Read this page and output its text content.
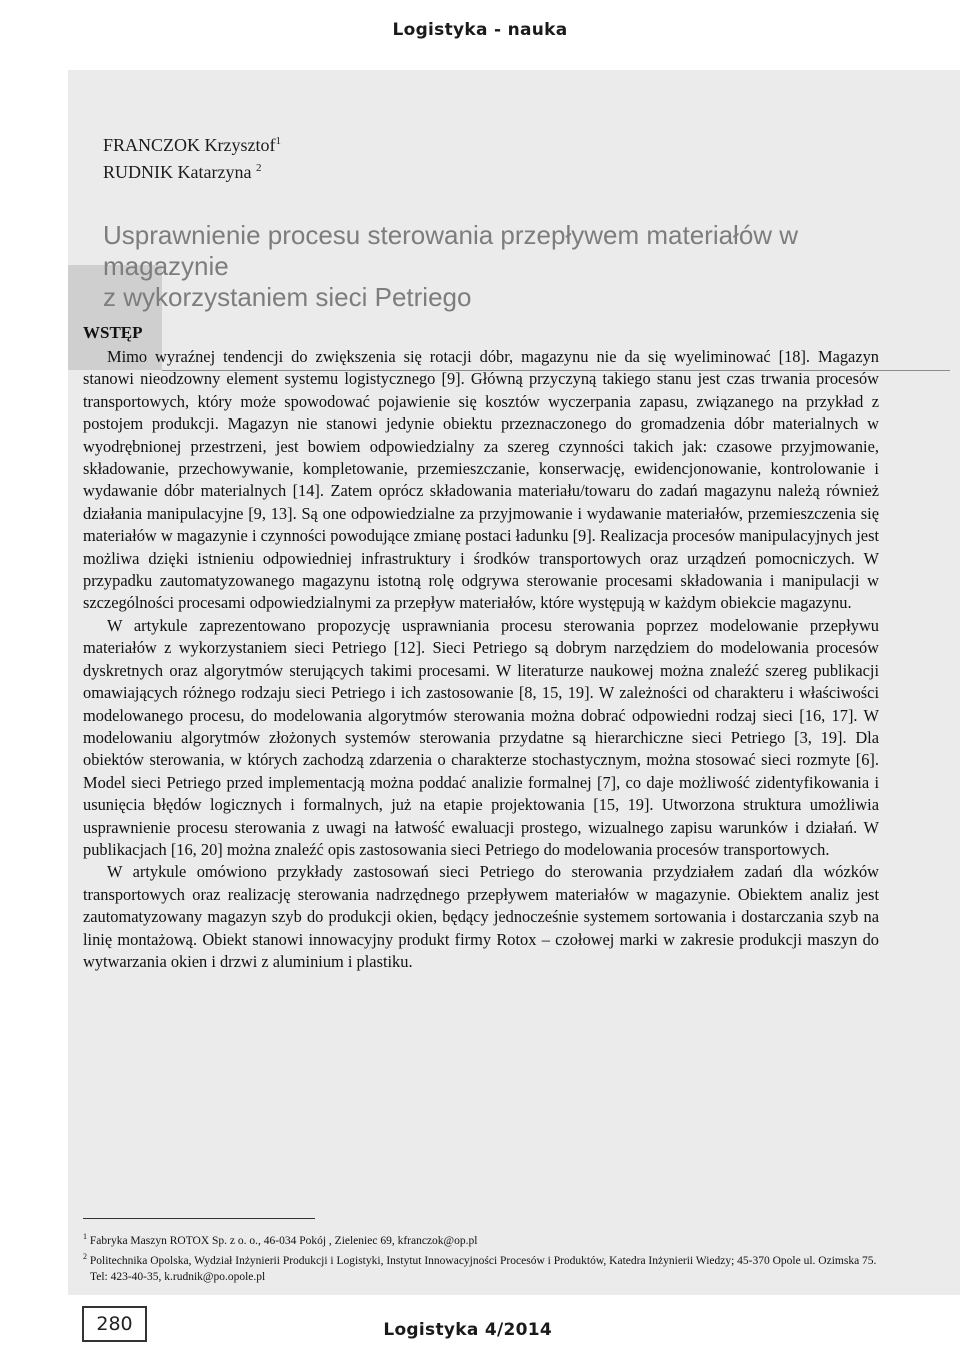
Logistyka - nauka
FRANCZOK Krzysztof$^1$
RUDNIK Katarzyna $^2$
Usprawnienie procesu sterowania przepływem materiałów w magazynie
z wykorzystaniem sieci Petriego
WSTĘP

Mimo wyraźnej tendencji do zwiększenia się rotacji dóbr, magazynu nie da się wyeliminować [18]. Magazyn stanowi nieodzowny element systemu logistycznego [9]. Główną przyczyną takiego stanu jest czas trwania procesów transportowych, który może spowodować pojawienie się kosztów wyczerpania zapasu, związanego na przykład z postojem produkcji. Magazyn nie stanowi jedynie obiektu przeznaczonego do gromadzenia dóbr materialnych w wyodrębnionej przestrzeni, jest bowiem odpowiedzialny za szereg czynności takich jak: czasowe przyjmowanie, składowanie, przechowywanie, kompletowanie, przemieszczanie, konserwację, ewidencjonowanie, kontrolowanie i wydawanie dóbr materialnych [14]. Zatem oprócz składowania materiału/towaru do zadań magazynu należą również działania manipulacyjne [9, 13]. Są one odpowiedzialne za przyjmowanie i wydawanie materiałów, przemieszczenia się materiałów w magazynie i czynności powodujące zmianę postaci ładunku [9]. Realizacja procesów manipulacyjnych jest możliwa dzięki istnieniu odpowiedniej infrastruktury i środków transportowych oraz urządzeń pomocniczych. W przypadku zautomatyzowanego magazynu istotną rolę odgrywa sterowanie procesami składowania i manipulacji w szczególności procesami odpowiedzialnymi za przepływ materiałów, które występują w każdym obiekcie magazynu.

W artykule zaprezentowano propozycję usprawniania procesu sterowania poprzez modelowanie przepływu materiałów z wykorzystaniem sieci Petriego [12]. Sieci Petriego są dobrym narzędziem do modelowania procesów dyskretnych oraz algorytmów sterujących takimi procesami. W literaturze naukowej można znaleźć szereg publikacji omawiających różnego rodzaju sieci Petriego i ich zastosowanie [8, 15, 19]. W zależności od charakteru i właściwości modelowanego procesu, do modelowania algorytmów sterowania można dobrać odpowiedni rodzaj sieci [16, 17]. W modelowaniu algorytmów złożonych systemów sterowania przydatne są hierarchiczne sieci Petriego [3, 19]. Dla obiektów sterowania, w których zachodzą zdarzenia o charakterze stochastycznym, można stosować sieci rozmyte [6]. Model sieci Petriego przed implementacją można poddać analizie formalnej [7], co daje możliwość zidentyfikowania i usunięcia błędów logicznych i formalnych, już na etapie projektowania [15, 19]. Utworzona struktura umożliwia usprawnienie procesu sterowania z uwagi na łatwość ewaluacji prostego, wizualnego zapisu warunków i działań. W publikacjach [16, 20] można znaleźć opis zastosowania sieci Petriego do modelowania procesów transportowych.

W artykule omówiono przykłady zastosowań sieci Petriego do sterowania przydziałem zadań dla wózków transportowych oraz realizację sterowania nadrzędnego przepływem materiałów w magazynie. Obiektem analiz jest zautomatyzowany magazyn szyb do produkcji okien, będący jednocześnie systemem sortowania i dostarczania szyb na linię montażową. Obiekt stanowi innowacyjny produkt firmy Rotox – czołowej marki w zakresie produkcji maszyn do wytwarzania okien i drzwi z aluminium i plastiku.

$^1$ Fabryka Maszyn ROTOX Sp. z o. o., 46-034 Pokój , Zieleniec 69, kfranczok@op.pl
$^2$ Politechnika Opolska, Wydział Inżynierii Produkcji i Logistyki, Instytut Innowacyjności Procesów i Produktów, Katedra Inżynierii Wiedzy; 45-370 Opole ul. Ozimska 75. Tel: 423-40-35, k.rudnik@po.opole.pl
280	Logistyka 4/2014
